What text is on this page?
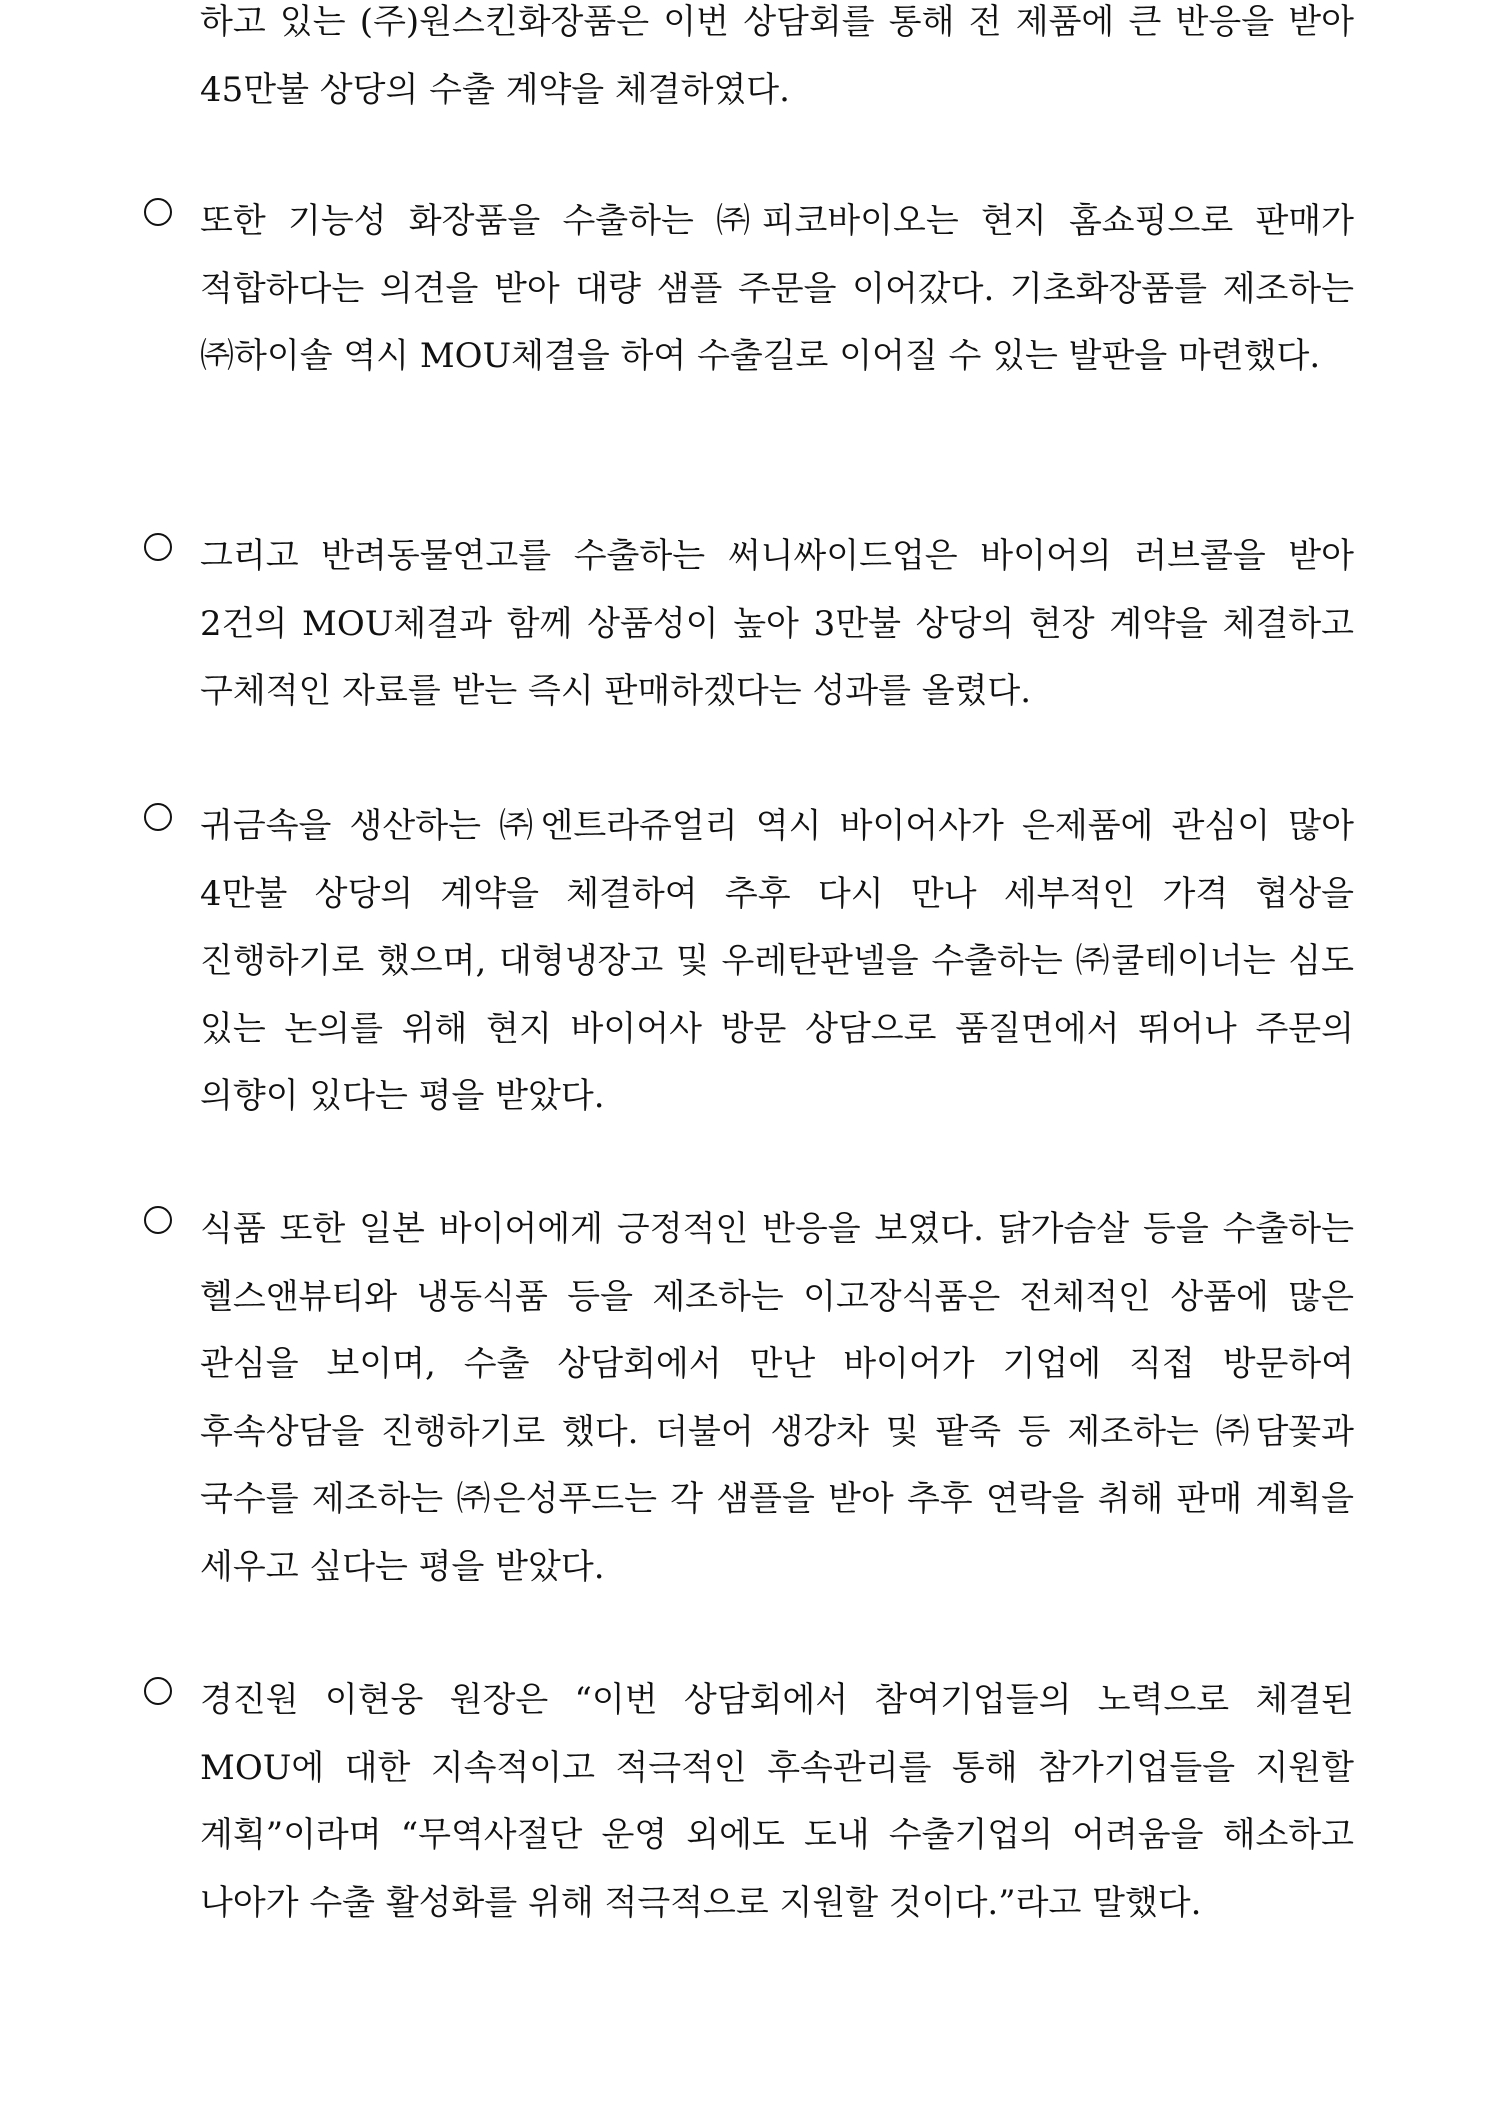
하고 있는 (주)원스킨화장품은 이번 상담회를 통해 전 제품에 큰 반응을 받아 45만불 상당의 수출 계약을 체결하였다.

또한 기능성 화장품을 수출하는 ㈜피코바이오는 현지 홈쇼핑으로 판매가 적합하다는 의견을 받아 대량 샘플 주문을 이어갔다. 기초화장품를 제조하는 ㈜하이솔 역시 MOU체결을 하여 수출길로 이어질 수 있는 발판을 마련했다.

그리고 반려동물연고를 수출하는 써니싸이드업은 바이어의 러브콜을 받아 2건의 MOU체결과 함께 상품성이 높아 3만불 상당의 현장 계약을 체결하고 구체적인 자료를 받는 즉시 판매하겠다는 성과를 올렸다.

귀금속을 생산하는 ㈜엔트라쥬얼리 역시 바이어사가 은제품에 관심이 많아 4만불 상당의 계약을 체결하여 추후 다시 만나 세부적인 가격 협상을 진행하기로 했으며, 대형냉장고 및 우레탄판넬을 수출하는 ㈜쿨테이너는 심도 있는 논의를 위해 현지 바이어사 방문 상담으로 품질면에서 뛰어나 주문의 의향이 있다는 평을 받았다.

식품 또한 일본 바이어에게 긍정적인 반응을 보였다. 닭가슴살 등을 수출하는 헬스앤뷰티와 냉동식품 등을 제조하는 이고장식품은 전체적인 상품에 많은 관심을 보이며, 수출 상담회에서 만난 바이어가 기업에 직접 방문하여 후속상담을 진행하기로 했다. 더불어 생강차 및 팥죽 등 제조하는 ㈜담꽃과 국수를 제조하는 ㈜은성푸드는 각 샘플을 받아 추후 연락을 취해 판매 계획을 세우고 싶다는 평을 받았다.

경진원 이현웅 원장은 “이번 상담회에서 참여기업들의 노력으로 체결된 MOU에 대한 지속적이고 적극적인 후속관리를 통해 참가기업들을 지원할 계획”이라며 “무역사절단 운영 외에도 도내 수출기업의 어려움을 해소하고 나아가 수출 활성화를 위해 적극적으로 지원할 것이다.”라고 말했다.
